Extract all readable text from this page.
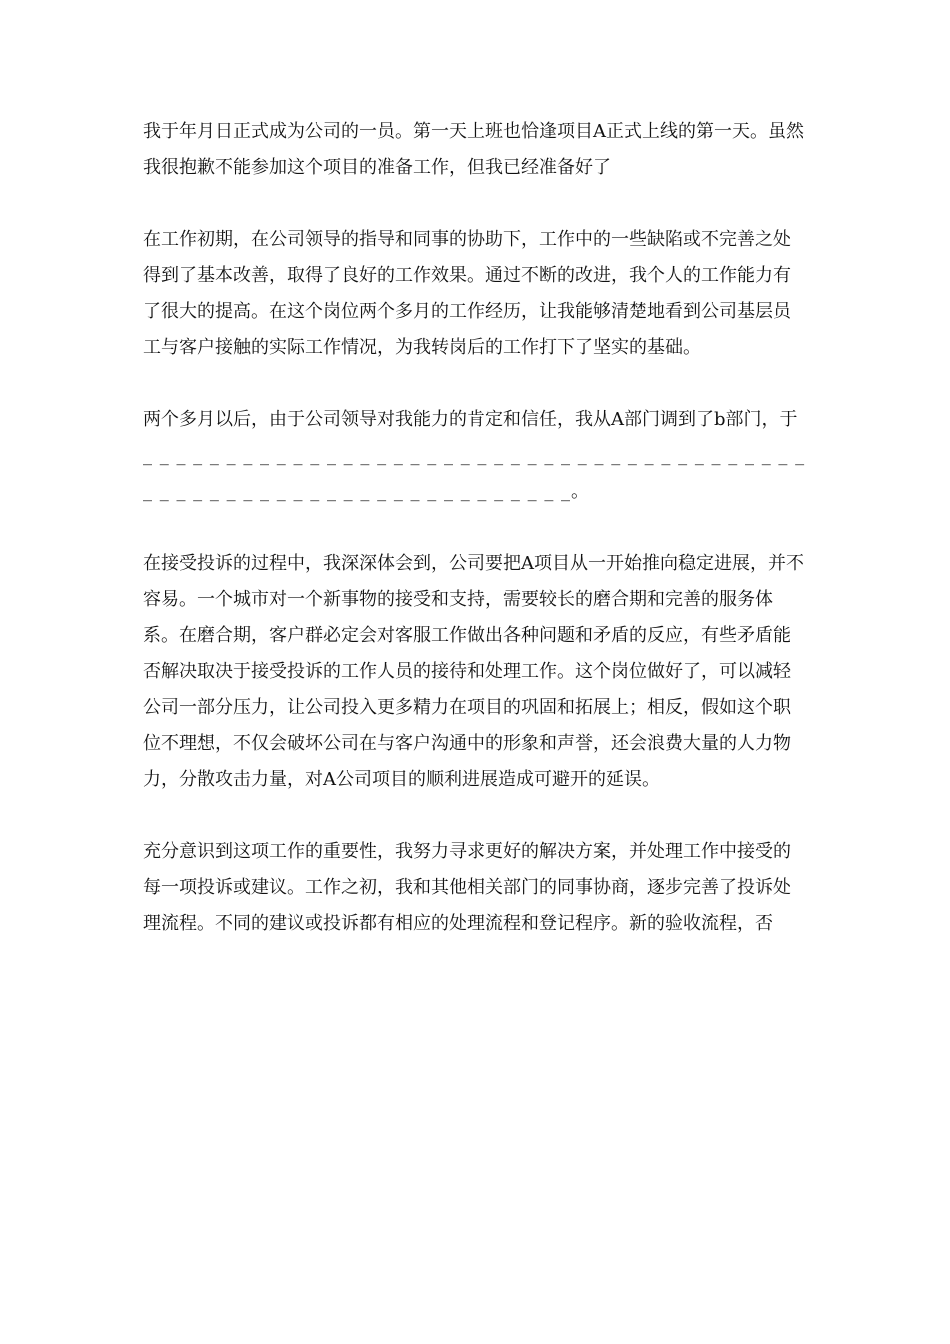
我于年月日正式成为公司的一员。第一天上班也恰逢项目A正式上线的第一天。虽然我很抱歉不能参加这个项目的准备工作，但我已经准备好了

在工作初期，在公司领导的指导和同事的协助下，工作中的一些缺陷或不完善之处得到了基本改善，取得了良好的工作效果。通过不断的改进，我个人的工作能力有了很大的提高。在这个岗位两个多月的工作经历，让我能够清楚地看到公司基层员工与客户接触的实际工作情况，为我转岗后的工作打下了坚实的基础。

两个多月以后，由于公司领导对我能力的肯定和信任，我从A部门调到了b部门，于_ _ _ _ _ _ _ _ _ _ _ _ _ _ _ _ _ _ _ _ _ _ _ _ _ _ _ _ _ _ _ _ _ _ _ _ _ _ _ _ _ _ _ _ _ _ _ _ _ _ _ _ _ _ _ _ _ _ _ _ _ _ _ _ _ _。

在接受投诉的过程中，我深深体会到，公司要把A项目从一开始推向稳定进展，并不容易。一个城市对一个新事物的接受和支持，需要较长的磨合期和完善的服务体系。在磨合期，客户群必定会对客服工作做出各种问题和矛盾的反应，有些矛盾能否解决取决于接受投诉的工作人员的接待和处理工作。这个岗位做好了，可以减轻公司一部分压力，让公司投入更多精力在项目的巩固和拓展上；相反，假如这个职位不理想，不仅会破坏公司在与客户沟通中的形象和声誉，还会浪费大量的人力物力，分散攻击力量，对A公司项目的顺利进展造成可避开的延误。

充分意识到这项工作的重要性，我努力寻求更好的解决方案，并处理工作中接受的每一项投诉或建议。工作之初，我和其他相关部门的同事协商，逐步完善了投诉处理流程。不同的建议或投诉都有相应的处理流程和登记程序。新的验收流程，否
